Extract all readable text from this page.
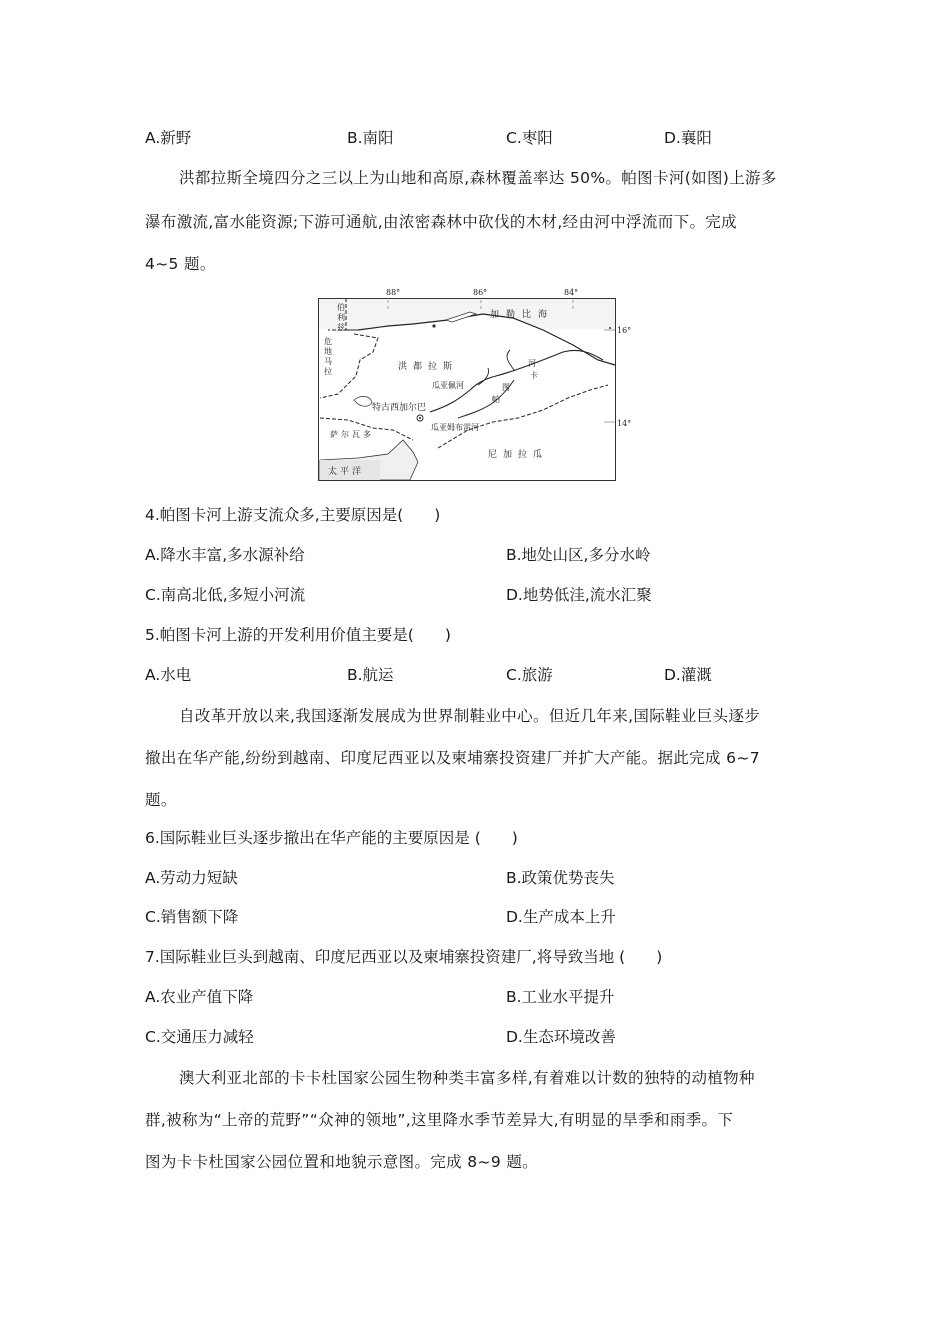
A.新野	B.南阳	C.枣阳	D.襄阳
洪都拉斯全境四分之三以上为山地和高原,森林覆盖率达 50%。帕图卡河(如图)上游多
瀑布激流,富水能资源;下游可通航,由浓密森林中砍伐的木材,经由河中浮流而下。完成
4~5 题。
88°	86°	84°
16°
14°
伯
利
兹
危
地
马
拉
加勒比海
洪都拉斯
卡
河
图
帕
瓜亚佩河
瓜亚姆布雷河
特古西加尔巴
萨尔瓦多
尼加拉瓜
太平洋
4.帕图卡河上游支流众多,主要原因是(　　)
A.降水丰富,多水源补给	B.地处山区,多分水岭
C.南高北低,多短小河流	D.地势低洼,流水汇聚
5.帕图卡河上游的开发利用价值主要是(　　)
A.水电	B.航运	C.旅游	D.灌溉
自改革开放以来,我国逐渐发展成为世界制鞋业中心。但近几年来,国际鞋业巨头逐步
撤出在华产能,纷纷到越南、印度尼西亚以及柬埔寨投资建厂并扩大产能。据此完成 6~7
题。
6.国际鞋业巨头逐步撤出在华产能的主要原因是 (　　)
A.劳动力短缺	B.政策优势丧失
C.销售额下降	D.生产成本上升
7.国际鞋业巨头到越南、印度尼西亚以及柬埔寨投资建厂,将导致当地 (　　)
A.农业产值下降	B.工业水平提升
C.交通压力减轻	D.生态环境改善
澳大利亚北部的卡卡杜国家公园生物种类丰富多样,有着难以计数的独特的动植物种
群,被称为“上帝的荒野”“众神的领地”,这里降水季节差异大,有明显的旱季和雨季。下
图为卡卡杜国家公园位置和地貌示意图。完成 8~9 题。
